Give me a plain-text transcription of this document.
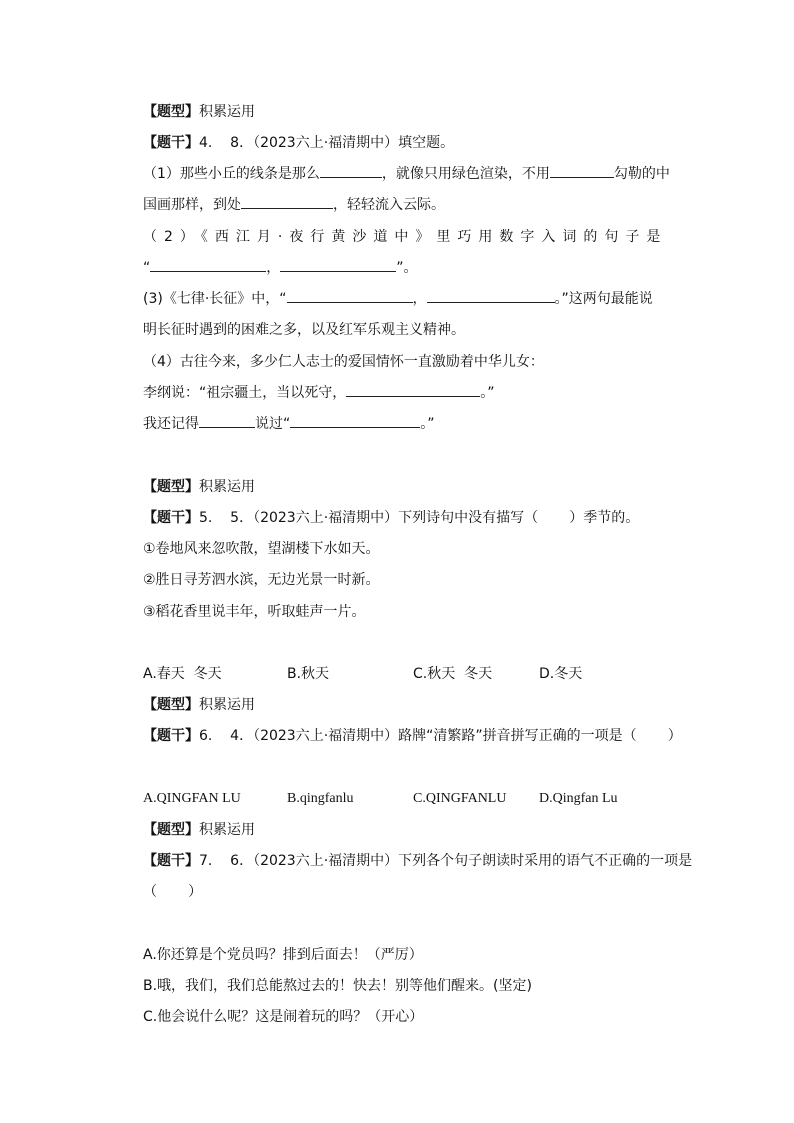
【题型】积累运用
【题干】4.    8．（2023六上·福清期中）填空题。
（1）那些小丘的线条是那么	，就像只用绿色渲染，不用	勾勒的中
国画那样，到处	，轻轻流入云际。
（2）《西江月·夜行黄沙道中》里巧用数字入词的句子是
“	，	”。
(3)《七律·长征》中，“	，	。”这两句最能说
明长征时遇到的困难之多，以及红军乐观主义精神。
（4）古往今来，多少仁人志士的爱国情怀一直激励着中华儿女：
李纲说：“祖宗疆土，当以死守，	。”
我还记得	说过“	。”
【题型】积累运用
【题干】5.    5．（2023六上·福清期中）下列诗句中没有描写（       ）季节的。
①卷地风来忽吹散，望湖楼下水如天。
②胜日寻芳泗水滨，无边光景一时新。
③稻花香里说丰年，听取蛙声一片。
A.春天  冬天	B.秋天	C.秋天  冬天	D.冬天
【题型】积累运用
【题干】6.    4．（2023六上·福清期中）路牌“清繁路”拼音拼写正确的一项是（       ）
A.QINGFAN LU	B.qingfanlu	C.QINGFANLU D.Qingfan Lu
【题型】积累运用
【题干】7.    6．（2023六上·福清期中）下列各个句子朗读时采用的语气不正确的一项是
（       ）
A.你还算是个党员吗？排到后面去！（严厉）
B.哦，我们，我们总能熬过去的！快去！别等他们醒来。(坚定)
C.他会说什么呢？这是闹着玩的吗？（开心）
